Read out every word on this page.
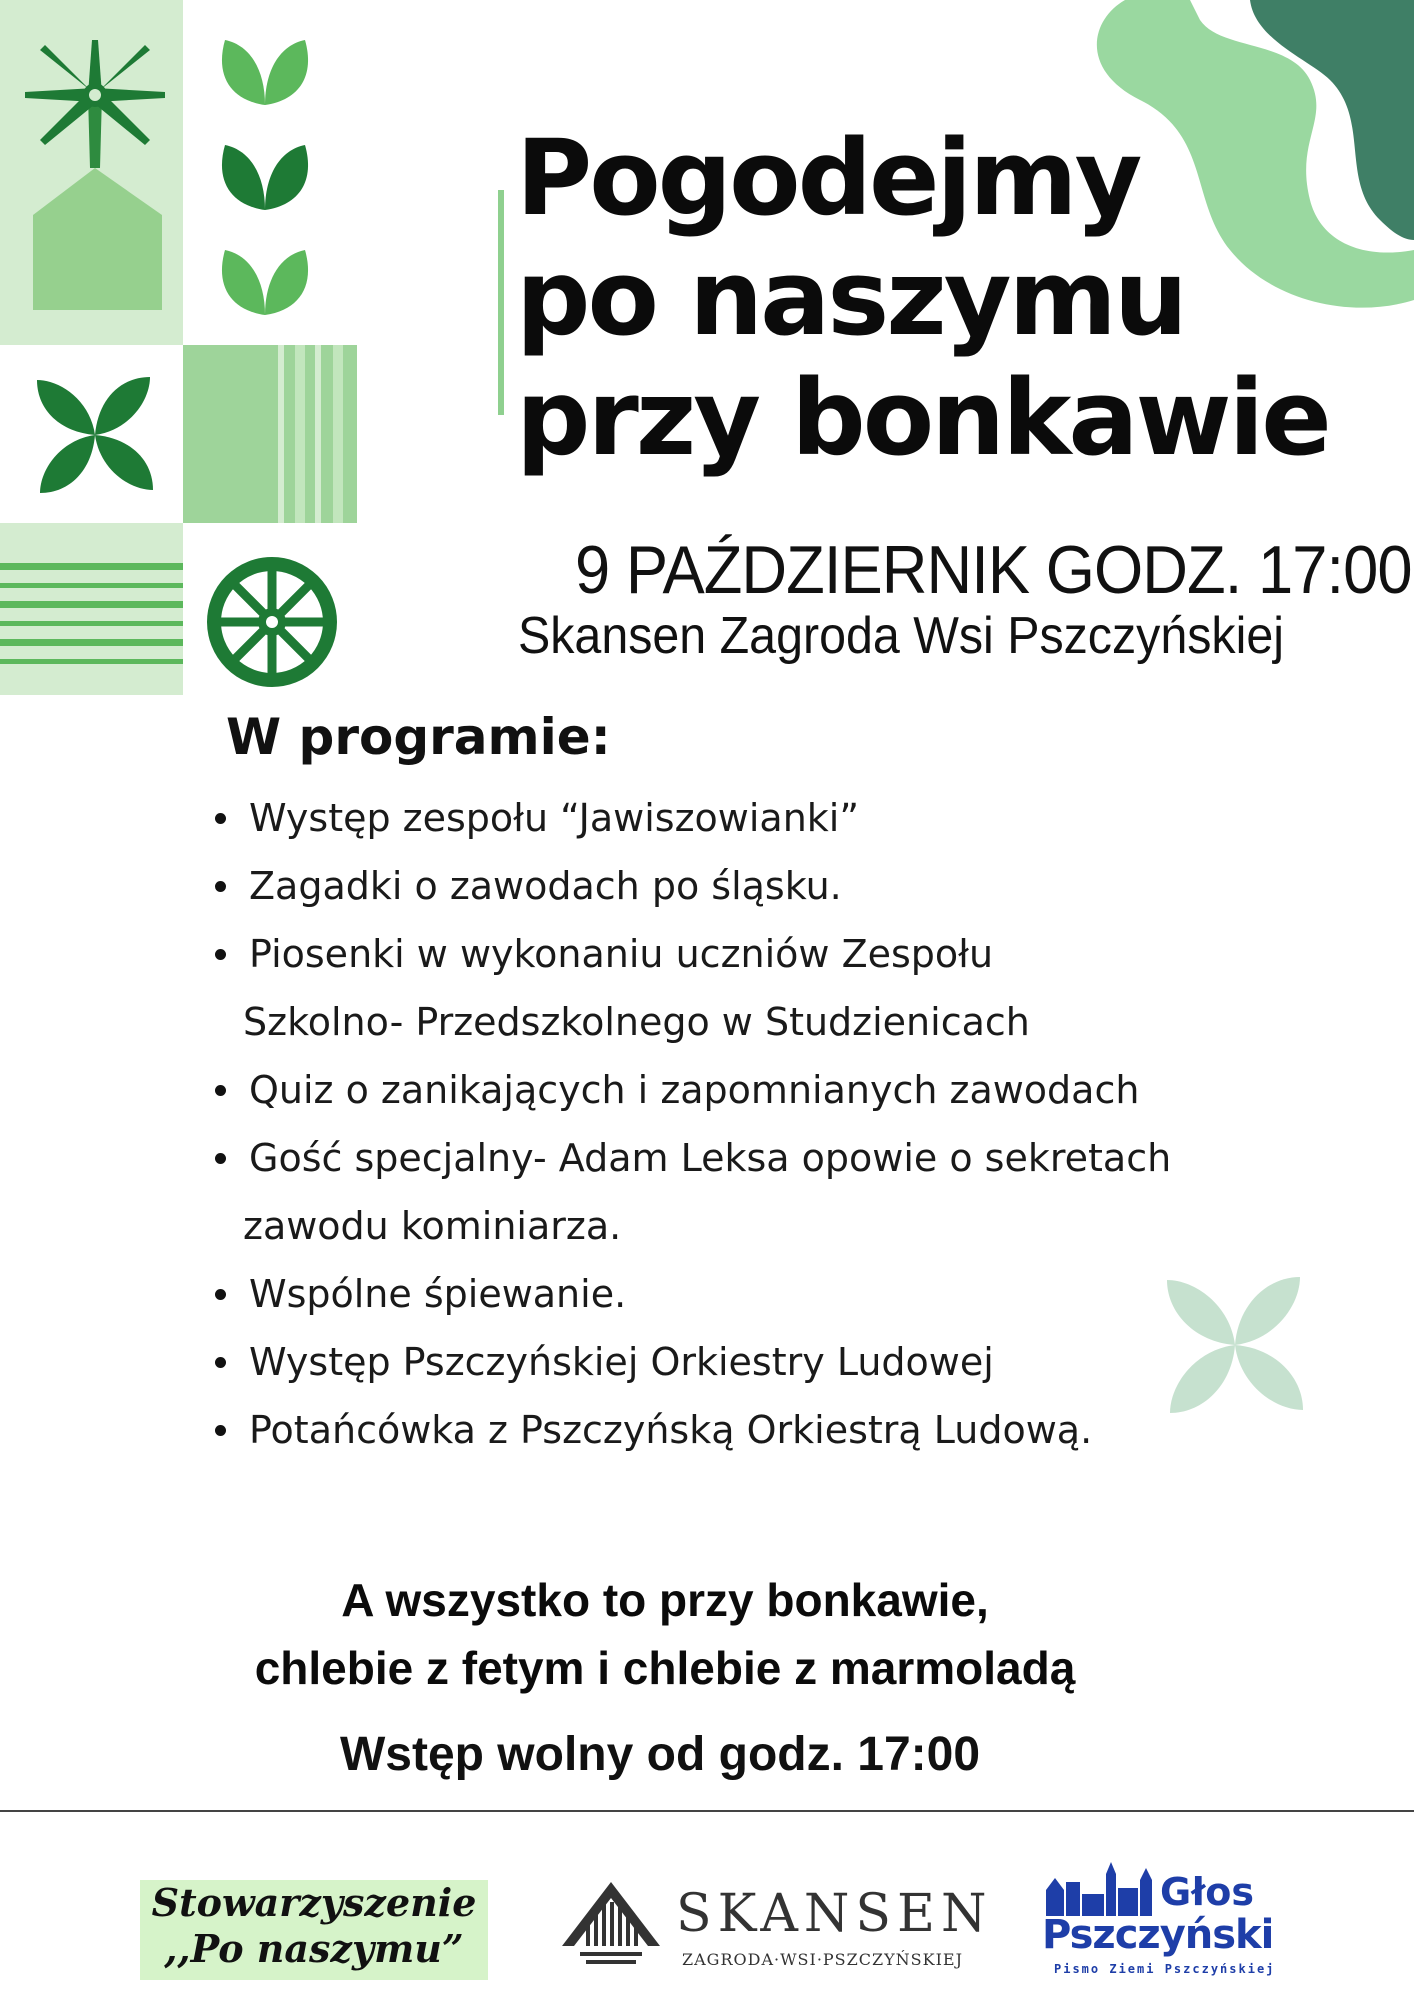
Pogodejmy
po naszymu
przy bonkawie
9 PAŹDZIERNIK GODZ. 17:00
Skansen Zagroda Wsi Pszczyńskiej
W programie:
Występ zespołu “Jawiszowianki”
Zagadki o zawodach po śląsku.
Piosenki w wykonaniu uczniów Zespołu
Szkolno- Przedszkolnego w Studzienicach
Quiz o zanikających i zapomnianych zawodach
Gość specjalny- Adam Leksa opowie o sekretach
zawodu kominiarza.
Wspólne śpiewanie.
Występ Pszczyńskiej Orkiestry Ludowej
Potańcówka z Pszczyńską Orkiestrą Ludową.
A wszystko to przy bonkawie,
chlebie z fetym i chlebie z marmoladą
Wstęp wolny od godz. 17:00
Stowarzyszenie
,,Po naszymu”
SKANSEN
ZAGRODA·WSI·PSZCZYŃSKIEJ
Głos
Pszczyński
Pismo Ziemi Pszczyńskiej
